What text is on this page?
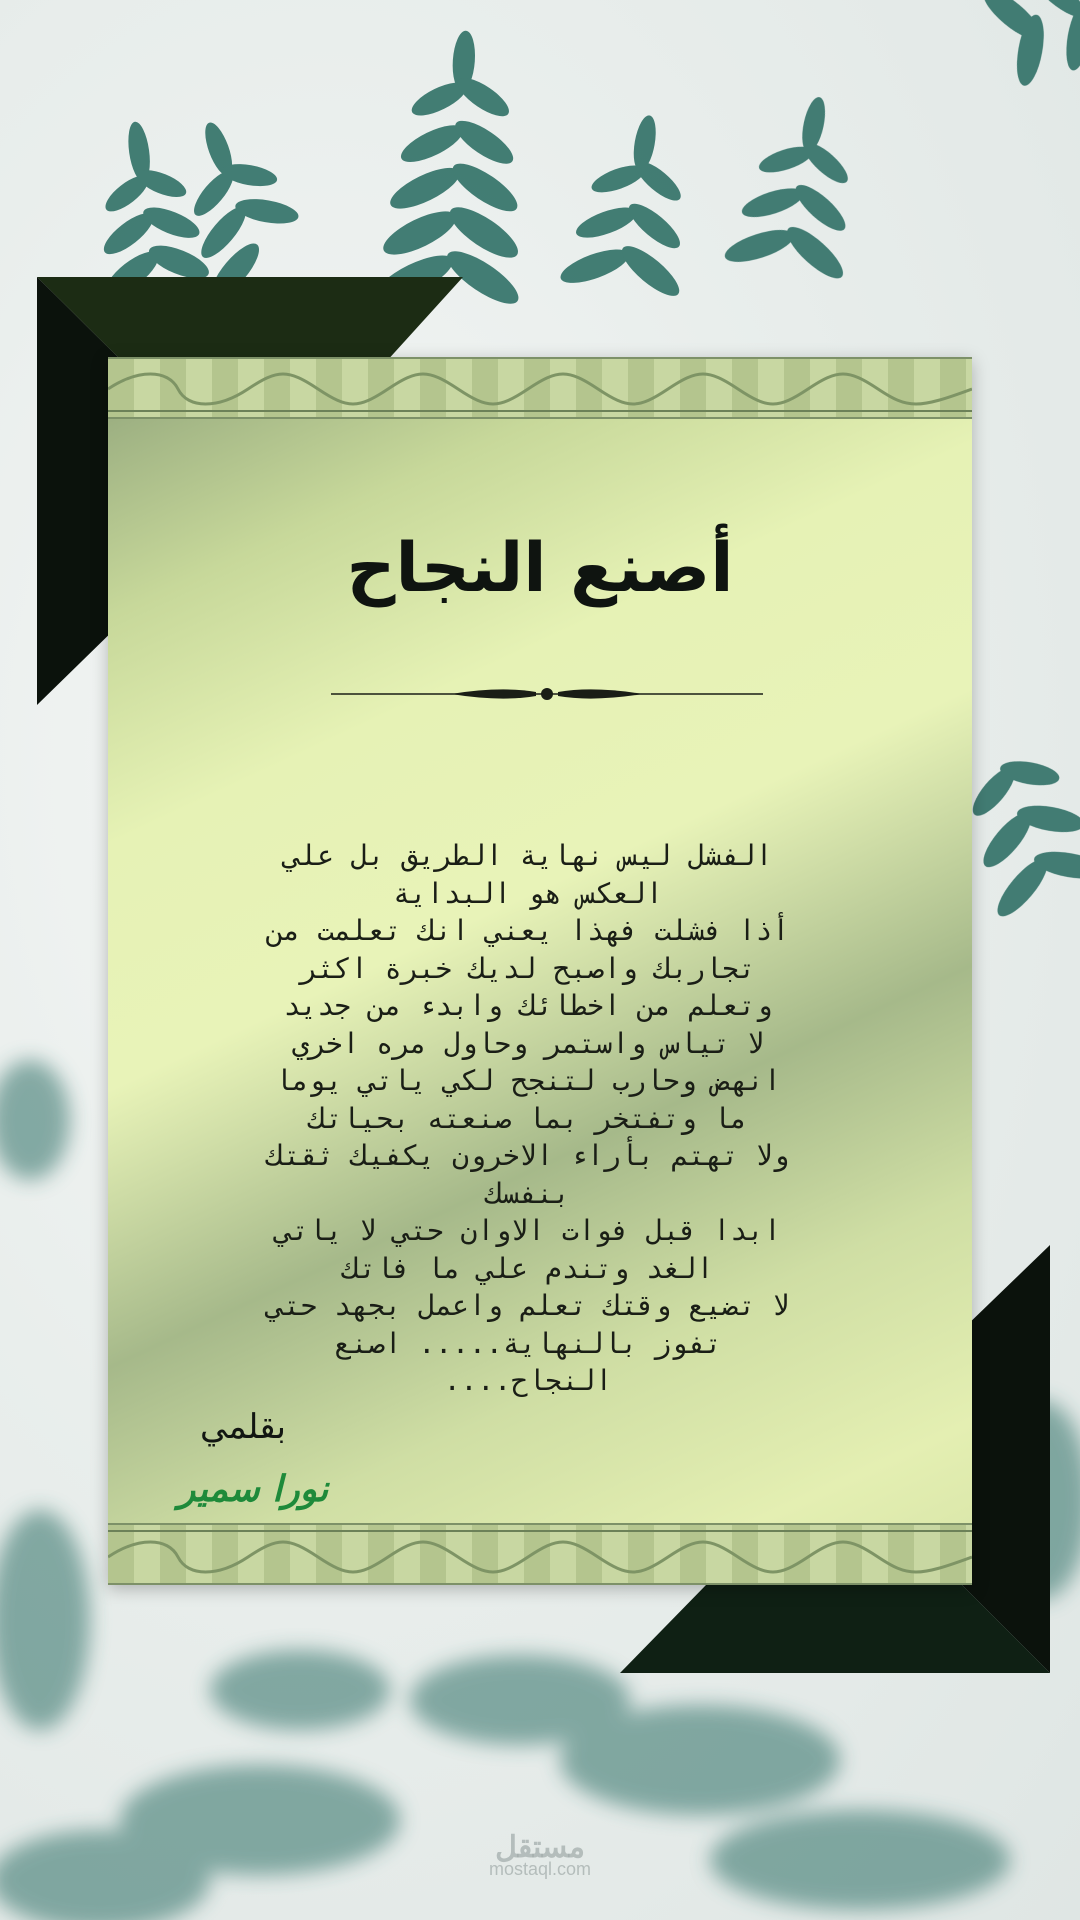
أصنع النجاح
الفشل ليس نهاية الطريق بل علي العكس هو البداية
أذا فشلت فهذا يعني انك تعلمت من تجاربك واصبح لديك خبرة اكثر وتعلم من اخطائك وابدء من جديد
لا تياس واستمر وحاول مره اخري
انهض وحارب لتنجح لكي ياتي يوما ما وتفتخر بما صنعته بحياتك
ولا تهتم بأراء الاخرون يكفيك ثقتك بنفسك
ابدا قبل فوات الاوان حتي لا ياتي الغد وتندم علي ما فاتك
لا تضيع وقتك تعلم واعمل بجهد حتي تفوز بالنهاية..... اصنع النجاح....
بقلمي
نورا سمير
مستقل
mostaql.com
